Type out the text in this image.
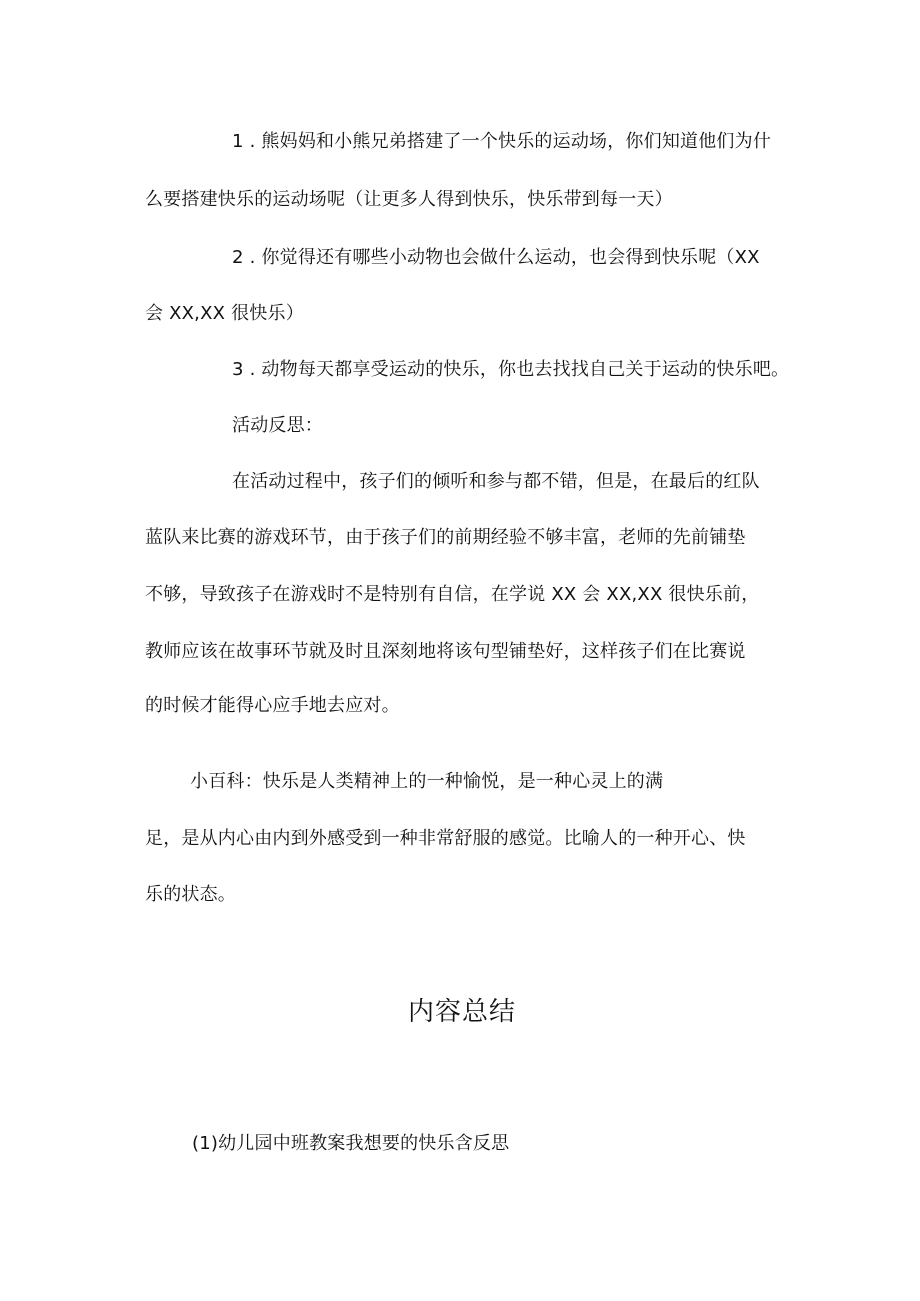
1 . 熊妈妈和小熊兄弟搭建了一个快乐的运动场，你们知道他们为什
么要搭建快乐的运动场呢（让更多人得到快乐，快乐带到每一天）
2 . 你觉得还有哪些小动物也会做什么运动，也会得到快乐呢（XX
会 XX,XX 很快乐）
3 . 动物每天都享受运动的快乐，你也去找找自己关于运动的快乐吧。
活动反思：
在活动过程中，孩子们的倾听和参与都不错，但是，在最后的红队
蓝队来比赛的游戏环节，由于孩子们的前期经验不够丰富，老师的先前铺垫
不够，导致孩子在游戏时不是特别有自信，在学说 XX 会 XX,XX 很快乐前，
教师应该在故事环节就及时且深刻地将该句型铺垫好，这样孩子们在比赛说
的时候才能得心应手地去应对。
小百科：快乐是人类精神上的一种愉悦，是一种心灵上的满
足，是从内心由内到外感受到一种非常舒服的感觉。比喻人的一种开心、快
乐的状态。
内容总结
(1)幼儿园中班教案我想要的快乐含反思
